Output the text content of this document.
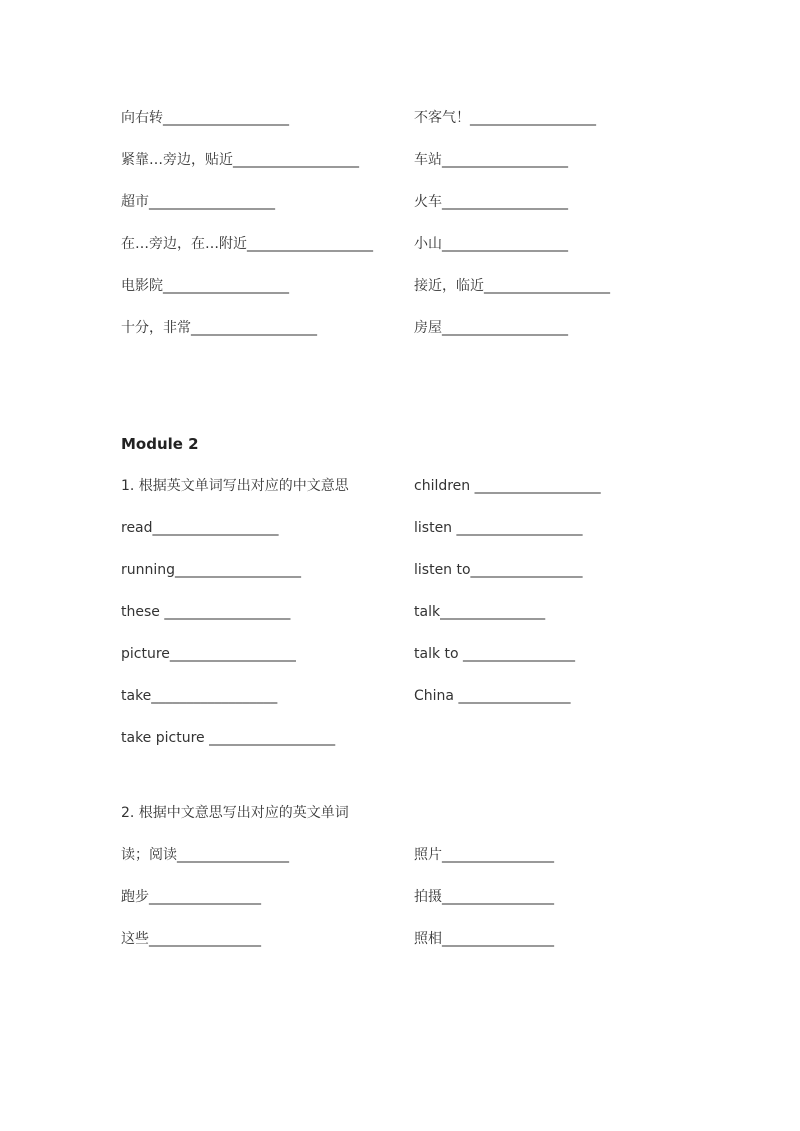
向右转__________________
紧靠…旁边，贴近__________________
超市__________________
在…旁边，在…附近__________________
电影院__________________
十分，非常__________________
不客气！__________________
车站__________________
火车__________________
小山__________________
接近，临近__________________
房屋__________________
Module 2
1. 根据英文单词写出对应的中文意思
read__________________
running__________________
these __________________
picture__________________
take__________________
take picture __________________
children __________________
listen __________________
listen to________________
talk_______________
talk to ________________
China ________________
2. 根据中文意思写出对应的英文单词
读；阅读________________
跑步________________
这些________________
照片________________
拍摄________________
照相________________
